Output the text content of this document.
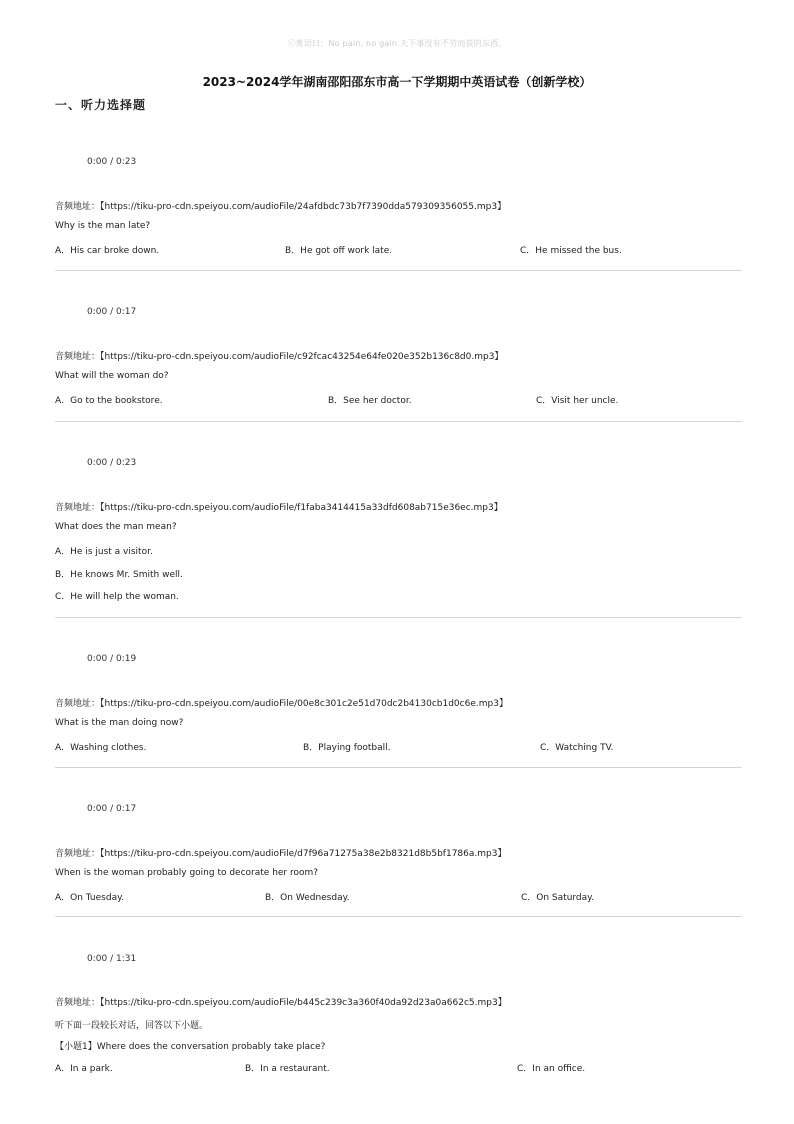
ⓒ菁语曰：No pain, no gain.天下事没有不劳而获的东西。
2023~2024学年湖南邵阳邵东市高一下学期期中英语试卷（创新学校）
一、听力选择题
0:00 / 0:23
音频地址：【https://tiku-pro-cdn.speiyou.com/audioFile/24afdbdc73b7f7390dda579309356055.mp3】
Why is the man late?
A．His car broke down.	B．He got off work late.	C．He missed the bus.
0:00 / 0:17
音频地址：【https://tiku-pro-cdn.speiyou.com/audioFile/c92fcac43254e64fe020e352b136c8d0.mp3】
What will the woman do?
A．Go to the bookstore.	B．See her doctor.	C．Visit her uncle.
0:00 / 0:23
音频地址：【https://tiku-pro-cdn.speiyou.com/audioFile/f1faba3414415a33dfd608ab715e36ec.mp3】
What does the man mean?
A．He is just a visitor.
B．He knows Mr. Smith well.
C．He will help the woman.
0:00 / 0:19
音频地址：【https://tiku-pro-cdn.speiyou.com/audioFile/00e8c301c2e51d70dc2b4130cb1d0c6e.mp3】
What is the man doing now?
A．Washing clothes.	B．Playing football.	C．Watching TV.
0:00 / 0:17
音频地址：【https://tiku-pro-cdn.speiyou.com/audioFile/d7f96a71275a38e2b8321d8b5bf1786a.mp3】
When is the woman probably going to decorate her room?
A．On Tuesday.	B．On Wednesday.	C．On Saturday.
0:00 / 1:31
音频地址：【https://tiku-pro-cdn.speiyou.com/audioFile/b445c239c3a360f40da92d23a0a662c5.mp3】
听下面一段较长对话，回答以下小题。
【小题1】Where does the conversation probably take place?
A．In a park.	B．In a restaurant.	C．In an office.
